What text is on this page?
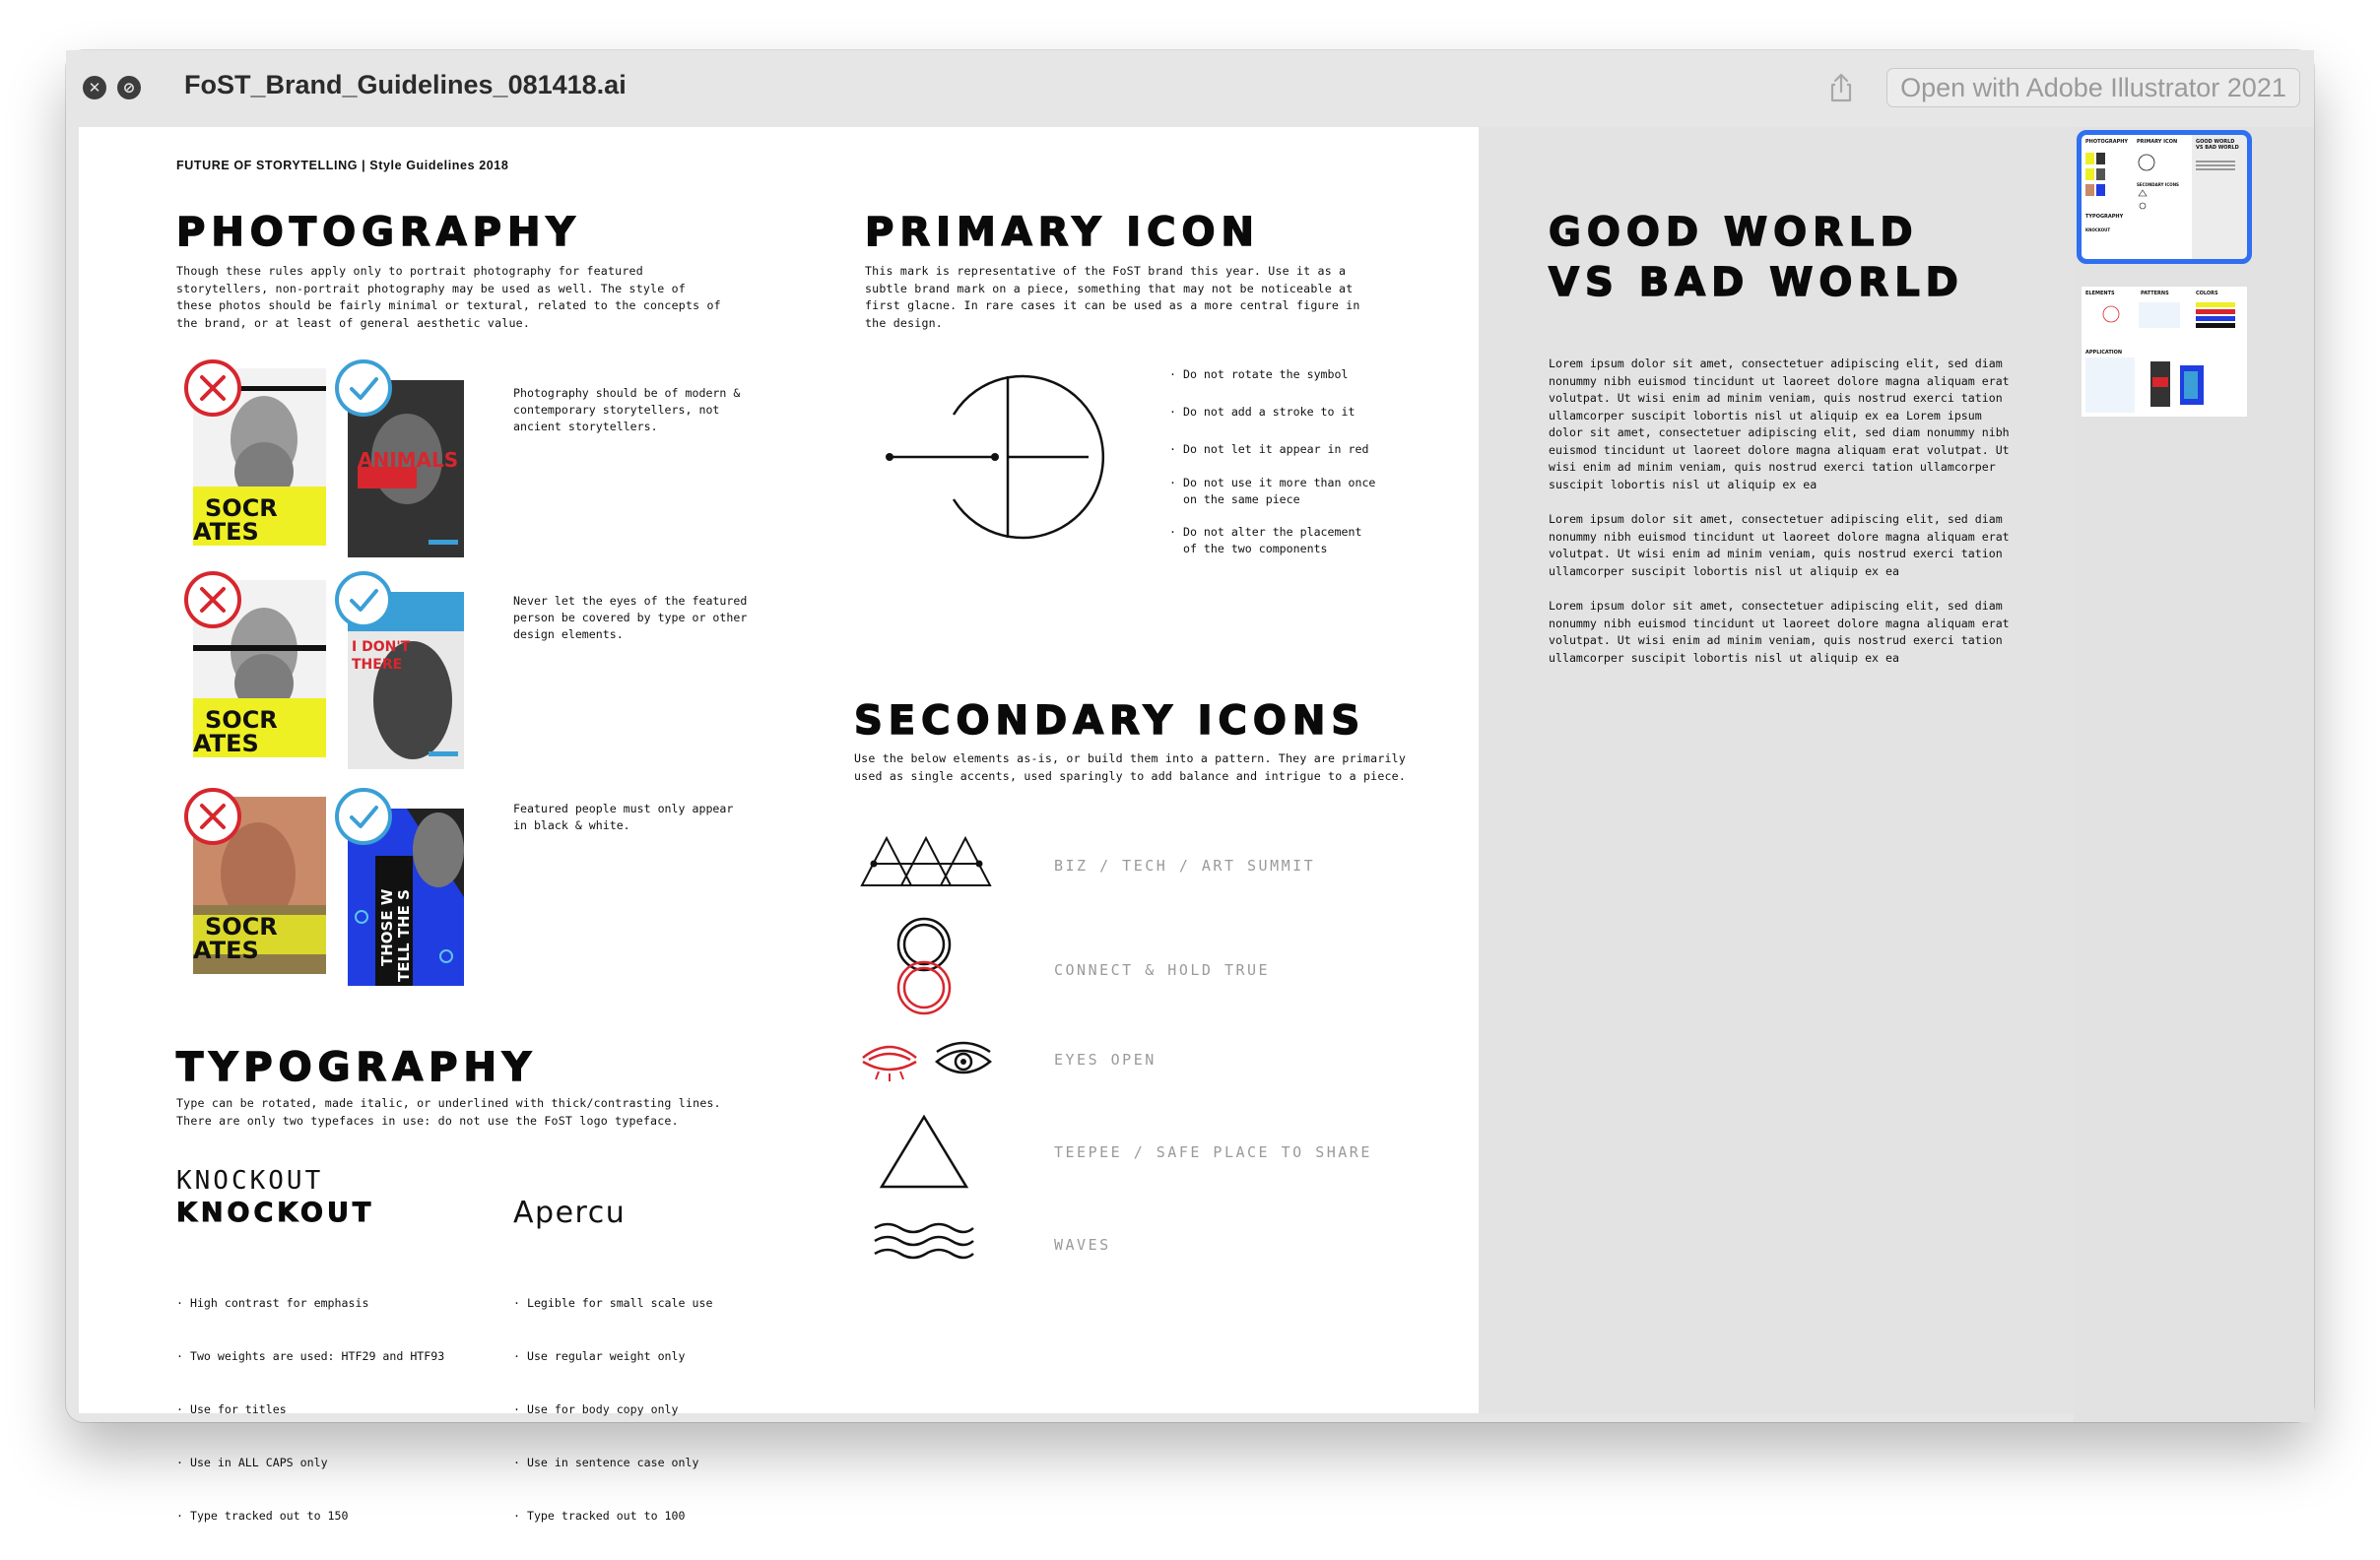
✕	⊘ FoST_Brand_Guidelines_081418.ai	Open with Adobe Illustrator 2021
FUTURE OF STORYTELLING | Style Guidelines 2018
PHOTOGRAPHY
Though these rules apply only to portrait photography for featured storytellers, non-portrait photography may be used as well. The style of these photos should be fairly minimal or textural, related to the concepts of the brand, or at least of general aesthetic value.
SOCR
ATES
ANIMALS
Photography should be of modern & contemporary storytellers, not ancient storytellers.
SOCR
ATES
I DON'T
THERE
Never let the eyes of the featured person be covered by type or other design elements.
SOCR
ATES	THOSE W TELL THE S
Featured people must only appear in black & white.
TYPOGRAPHY
Type can be rotated, made italic, or underlined with thick/contrasting lines. There are only two typefaces in use: do not use the FoST logo typeface.
KNOCKOUT
KNOCKOUT	Apercu

· High contrast for emphasis

· Two weights are used: HTF29 and HTF93

· Use for titles

· Use in ALL CAPS only

· Type tracked out to 150

· Legible for small scale use

· Use regular weight only

· Use for body copy only

· Use in sentence case only

· Type tracked out to 100

PRIMARY ICON
This mark is representative of the FoST brand this year. Use it as a subtle brand mark on a piece, something that may not be noticeable at first glacne. In rare cases it can be used as a more central figure in the design.
· Do not rotate the symbol
· Do not add a stroke to it
· Do not let it appear in red
· Do not use it more than once
on the same piece
· Do not alter the placement
of the two components
SECONDARY ICONS
Use the below elements as-is, or build them into a pattern. They are primarily used as single accents, used sparingly to add balance and intrigue to a piece.
BIZ / TECH / ART SUMMIT
CONNECT & HOLD TRUE
EYES OPEN
TEEPEE / SAFE PLACE TO SHARE
WAVES
GOOD WORLD
VS BAD WORLD
Lorem ipsum dolor sit amet, consectetuer adipiscing elit, sed diam nonummy nibh euismod tincidunt ut laoreet dolore magna aliquam erat volutpat. Ut wisi enim ad minim veniam, quis nostrud exerci tation ullamcorper suscipit lobortis nisl ut aliquip ex ea Lorem ipsum dolor sit amet, consectetuer adipiscing elit, sed diam nonummy nibh euismod tincidunt ut laoreet dolore magna aliquam erat volutpat. Ut wisi enim ad minim veniam, quis nostrud exerci tation ullamcorper suscipit lobortis nisl ut aliquip ex ea
Lorem ipsum dolor sit amet, consectetuer adipiscing elit, sed diam nonummy nibh euismod tincidunt ut laoreet dolore magna aliquam erat volutpat. Ut wisi enim ad minim veniam, quis nostrud exerci tation ullamcorper suscipit lobortis nisl ut aliquip ex ea
Lorem ipsum dolor sit amet, consectetuer adipiscing elit, sed diam nonummy nibh euismod tincidunt ut laoreet dolore magna aliquam erat volutpat. Ut wisi enim ad minim veniam, quis nostrud exerci tation ullamcorper suscipit lobortis nisl ut aliquip ex ea
PHOTOGRAPHY PRIMARY ICON	GOOD WORLD
VS BAD WORLD
SECONDARY ICONS
TYPOGRAPHY
KNOCKOUT
ELEMENTS	PATTERNS	COLORS
APPLICATION
